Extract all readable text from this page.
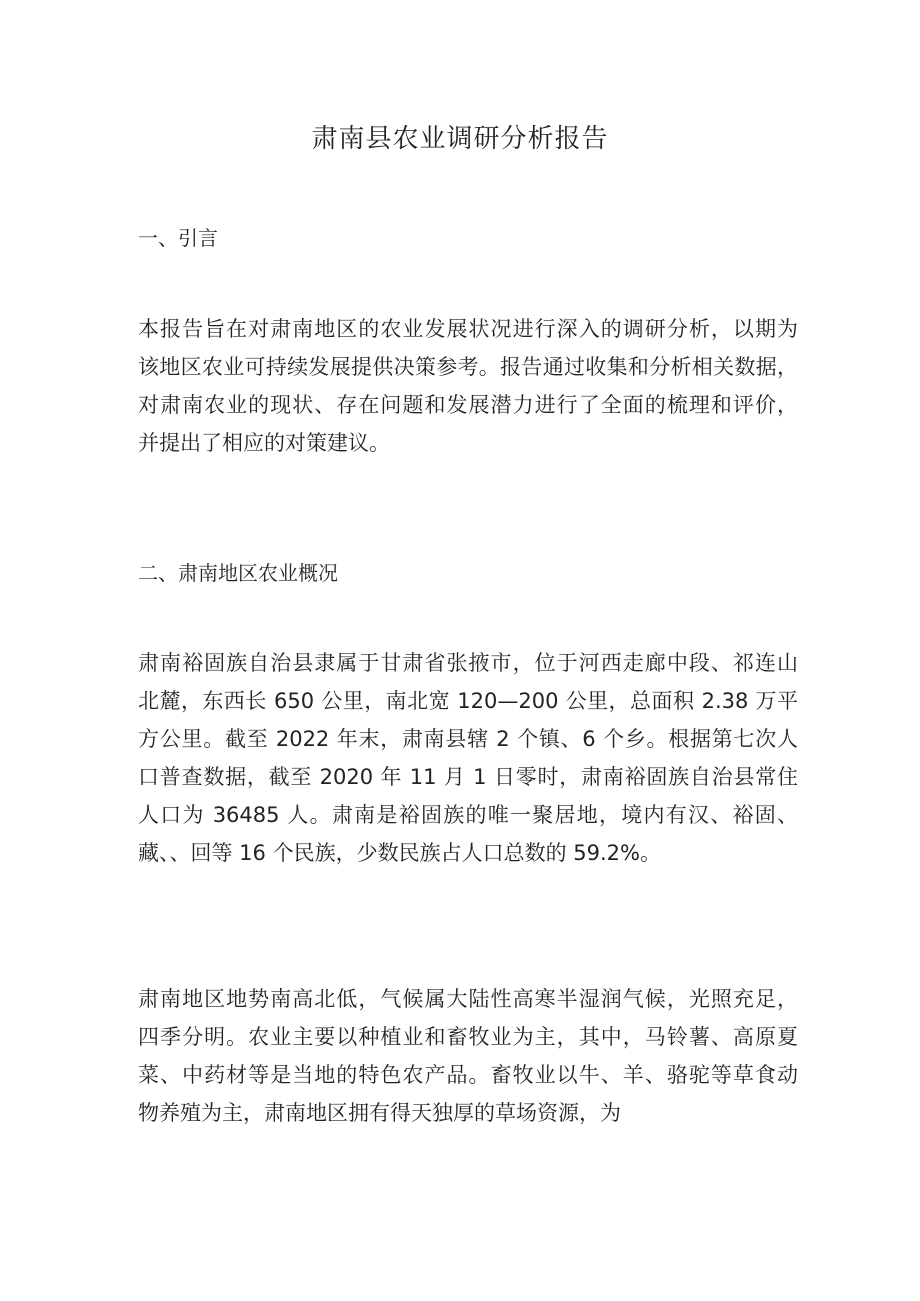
肃南县农业调研分析报告
一、引言
本报告旨在对肃南地区的农业发展状况进行深入的调研分析，以期为
该地区农业可持续发展提供决策参考。报告通过收集和分析相关数据，
对肃南农业的现状、存在问题和发展潜力进行了全面的梳理和评价，
并提出了相应的对策建议。
二、肃南地区农业概况
肃南裕固族自治县隶属于甘肃省张掖市，位于河西走廊中段、祁连山
北麓，东西长 650 公里，南北宽 120—200 公里，总面积 2.38 万平
方公里。截至 2022 年末，肃南县辖 2 个镇、6 个乡。根据第七次人
口普查数据，截至 2020 年 11 月 1 日零时，肃南裕固族自治县常住
人口为 36485 人。肃南是裕固族的唯一聚居地，境内有汉、裕固、
藏、、回等 16 个民族，少数民族占人口总数的 59.2%。
肃南地区地势南高北低，气候属大陆性高寒半湿润气候，光照充足，
四季分明。农业主要以种植业和畜牧业为主，其中，马铃薯、高原夏
菜、中药材等是当地的特色农产品。畜牧业以牛、羊、骆驼等草食动
物养殖为主，肃南地区拥有得天独厚的草场资源，为
